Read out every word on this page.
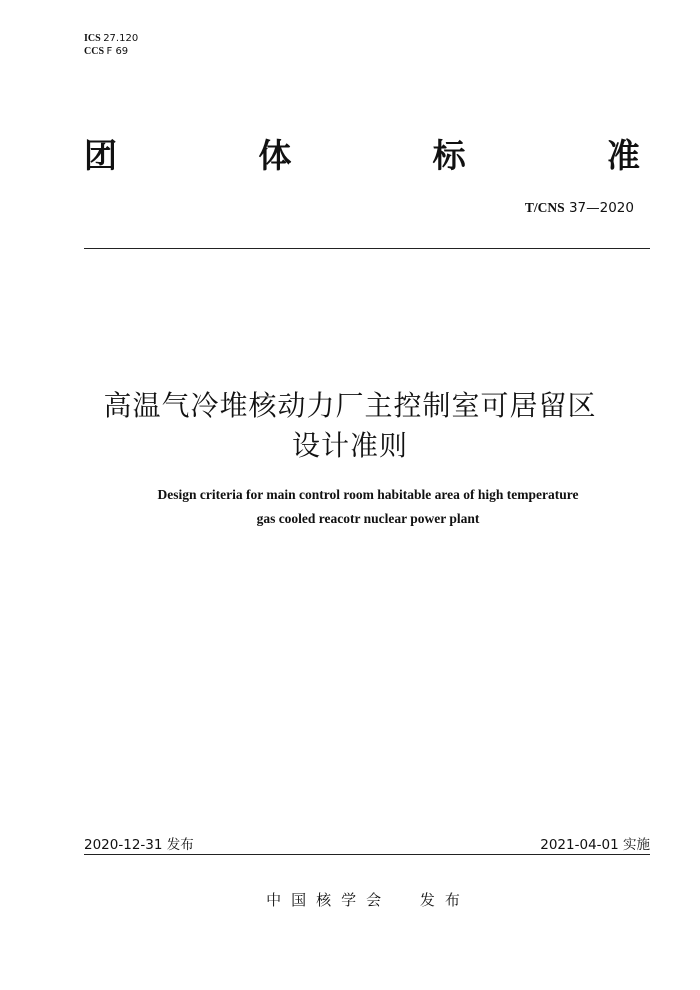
ICS 27.120
CCS F 69
团	体	标	准
T/CNS 37—2020
高温气冷堆核动力厂主控制室可居留区
设计准则
Design criteria for main control room habitable area of high temperature
gas cooled reacotr nuclear power plant
2020-12-31 发布	2021-04-01 实施
中国核学会 发布
